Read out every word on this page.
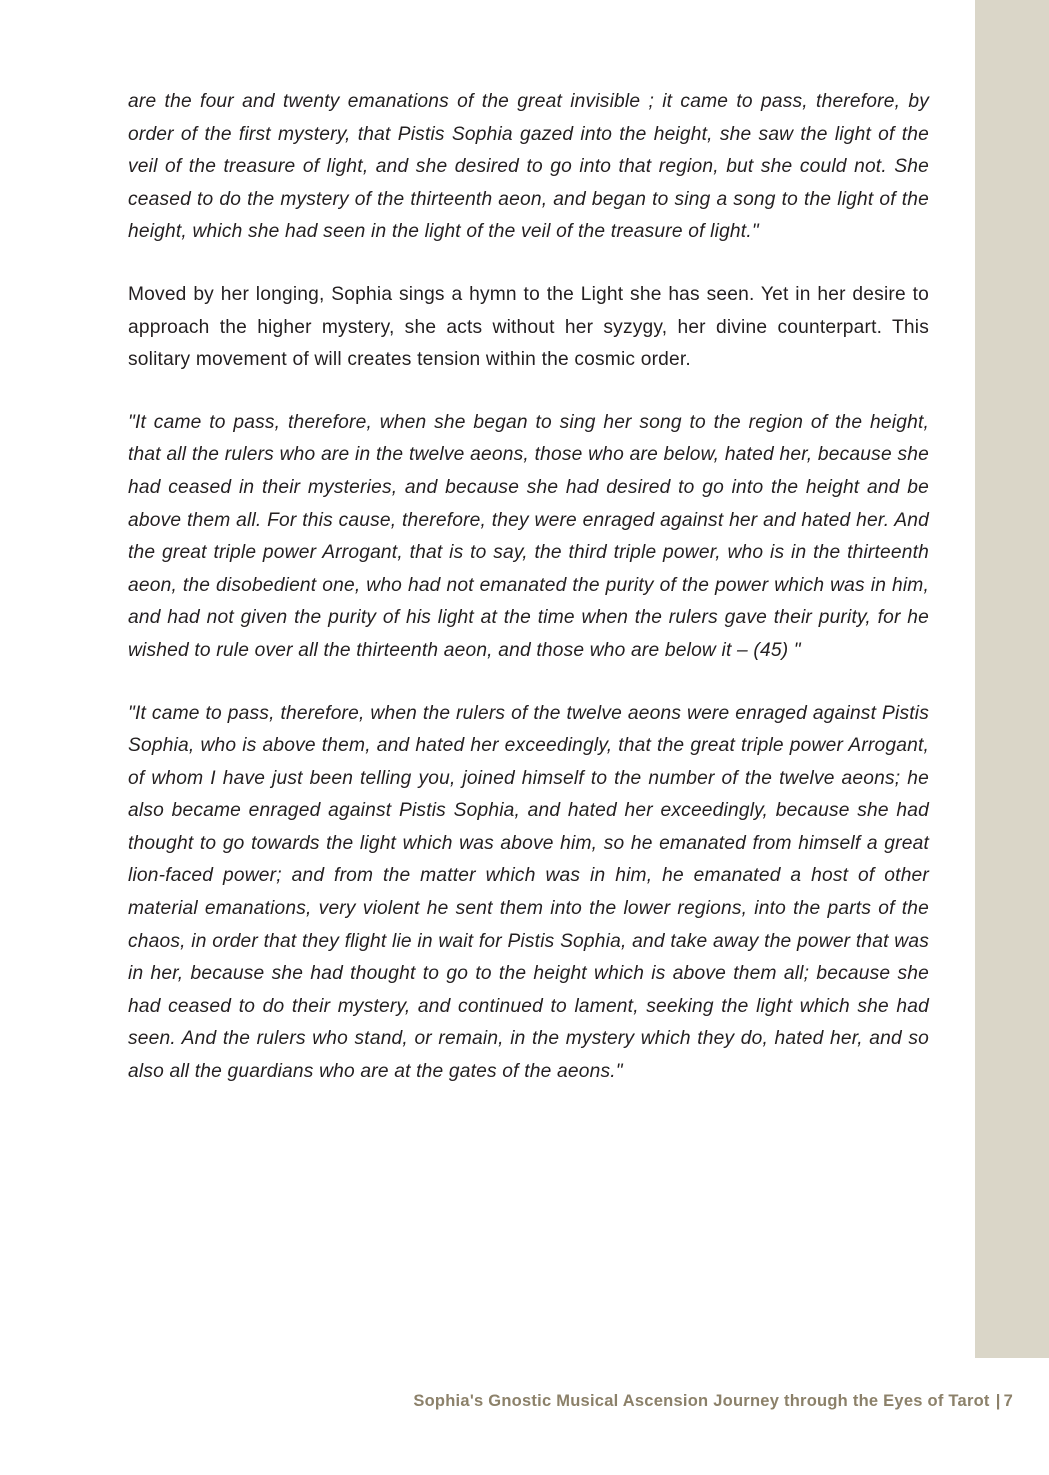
are the four and twenty emanations of the great invisible ; it came to pass, therefore, by order of the first mystery, that Pistis Sophia gazed into the height, she saw the light of the veil of the treasure of light, and she desired to go into that region, but she could not. She ceased to do the mystery of the thirteenth aeon, and began to sing a song to the light of the height, which she had seen in the light of the veil of the treasure of light."

Moved by her longing, Sophia sings a hymn to the Light she has seen. Yet in her desire to approach the higher mystery, she acts without her syzygy, her divine counterpart. This solitary movement of will creates tension within the cosmic order.

"It came to pass, therefore, when she began to sing her song to the region of the height, that all the rulers who are in the twelve aeons, those who are below, hated her, because she had ceased in their mysteries, and because she had desired to go into the height and be above them all. For this cause, therefore, they were enraged against her and hated her. And the great triple power Arrogant, that is to say, the third triple power, who is in the thirteenth aeon, the disobedient one, who had not emanated the purity of the power which was in him, and had not given the purity of his light at the time when the rulers gave their purity, for he wished to rule over all the thirteenth aeon, and those who are below it – (45) "

"It came to pass, therefore, when the rulers of the twelve aeons were enraged against Pistis Sophia, who is above them, and hated her exceedingly, that the great triple power Arrogant, of whom I have just been telling you, joined himself to the number of the twelve aeons; he also became enraged against Pistis Sophia, and hated her exceedingly, because she had thought to go towards the light which was above him, so he emanated from himself a great lion-faced power; and from the matter which was in him, he emanated a host of other material emanations, very violent he sent them into the lower regions, into the parts of the chaos, in order that they flight lie in wait for Pistis Sophia, and take away the power that was in her, because she had thought to go to the height which is above them all; because she had ceased to do their mystery, and continued to lament, seeking the light which she had seen. And the rulers who stand, or remain, in the mystery which they do, hated her, and so also all the guardians who are at the gates of the aeons."

Sophia's Gnostic Musical Ascension Journey through the Eyes of Tarot | 7
